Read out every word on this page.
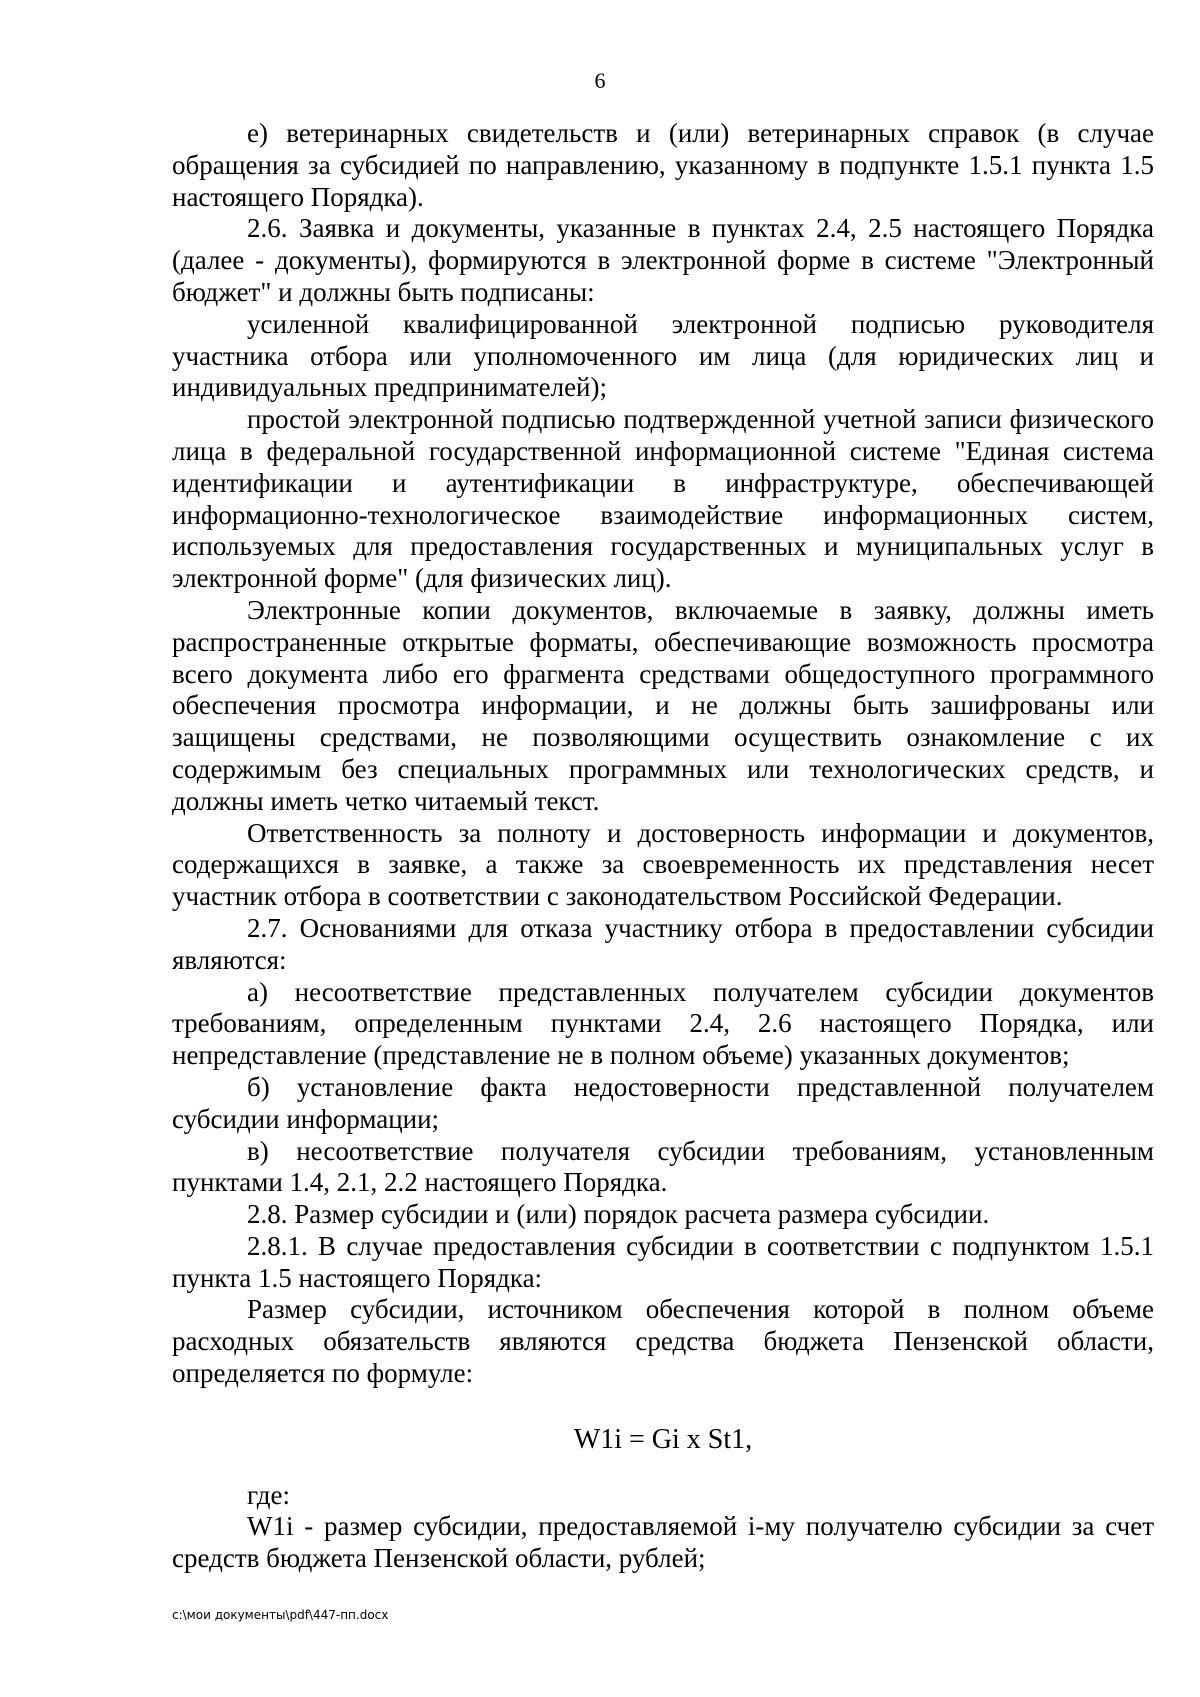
6

е) ветеринарных свидетельств и (или) ветеринарных справок (в случае обращения за субсидией по направлению, указанному в подпункте 1.5.1 пункта 1.5 настоящего Порядка).

2.6. Заявка и документы, указанные в пунктах 2.4, 2.5 настоящего Порядка (далее - документы), формируются в электронной форме в системе "Электронный бюджет" и должны быть подписаны:

усиленной квалифицированной электронной подписью руководителя участника отбора или уполномоченного им лица (для юридических лиц и индивидуальных предпринимателей);

простой электронной подписью подтвержденной учетной записи физического лица в федеральной государственной информационной системе "Единая система идентификации и аутентификации в инфраструктуре, обеспечивающей информационно-технологическое взаимодействие информационных систем, используемых для предоставления государственных и муниципальных услуг в электронной форме" (для физических лиц).

Электронные копии документов, включаемые в заявку, должны иметь распространенные открытые форматы, обеспечивающие возможность просмотра всего документа либо его фрагмента средствами общедоступного программного обеспечения просмотра информации, и не должны быть зашифрованы или защищены средствами, не позволяющими осуществить ознакомление с их содержимым без специальных программных или технологических средств, и должны иметь четко читаемый текст.

Ответственность за полноту и достоверность информации и документов, содержащихся в заявке, а также за своевременность их представления несет участник отбора в соответствии с законодательством Российской Федерации.

2.7. Основаниями для отказа участнику отбора в предоставлении субсидии являются:

а) несоответствие представленных получателем субсидии документов требованиям, определенным пунктами 2.4, 2.6 настоящего Порядка, или непредставление (представление не в полном объеме) указанных документов;

б) установление факта недостоверности представленной получателем субсидии информации;

в) несоответствие получателя субсидии требованиям, установленным пунктами 1.4, 2.1, 2.2 настоящего Порядка.

2.8. Размер субсидии и (или) порядок расчета размера субсидии.

2.8.1. В случае предоставления субсидии в соответствии с подпунктом 1.5.1 пункта 1.5 настоящего Порядка:

Размер субсидии, источником обеспечения которой в полном объеме расходных обязательств являются средства бюджета Пензенской области, определяется по формуле:

W1i = Gi x St1,

где:

W1i - размер субсидии, предоставляемой i-му получателю субсидии за счет средств бюджета Пензенской области, рублей;

c:\мои документы\pdf\447-пп.docx
